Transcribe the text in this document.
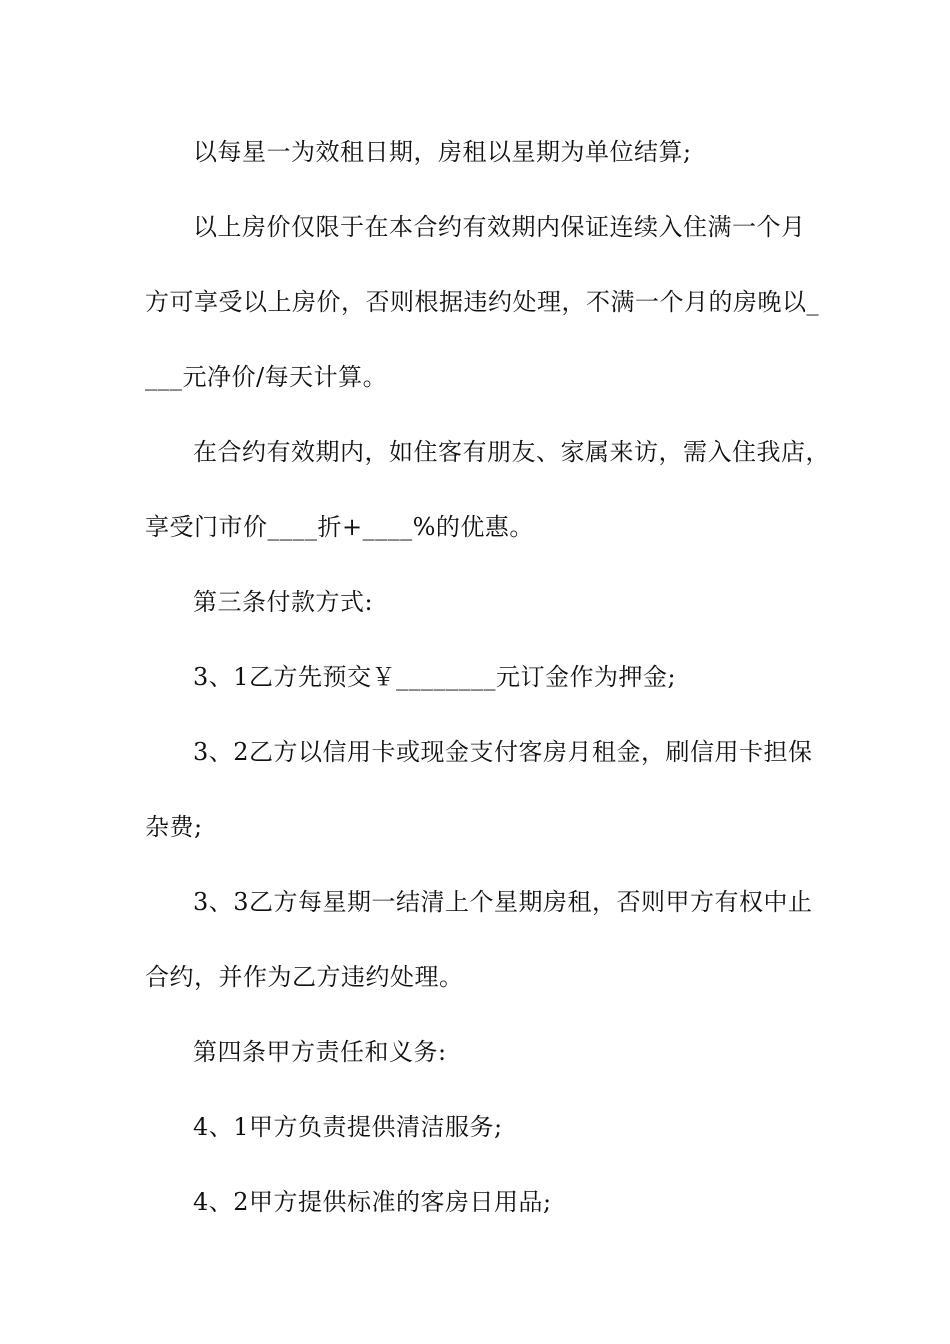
以每星一为效租日期，房租以星期为单位结算;
以上房价仅限于在本合约有效期内保证连续入住满一个月
方可享受以上房价，否则根据违约处理，不满一个月的房晚以_
___元净价/每天计算。
在合约有效期内，如住客有朋友、家属来访，需入住我店，
享受门市价____折+____%的优惠。
第三条付款方式:
3、1乙方先预交￥________元订金作为押金;
3、2乙方以信用卡或现金支付客房月租金，刷信用卡担保
杂费;
3、3乙方每星期一结清上个星期房租，否则甲方有权中止
合约，并作为乙方违约处理。
第四条甲方责任和义务:
4、1甲方负责提供清洁服务;
4、2甲方提供标准的客房日用品;
